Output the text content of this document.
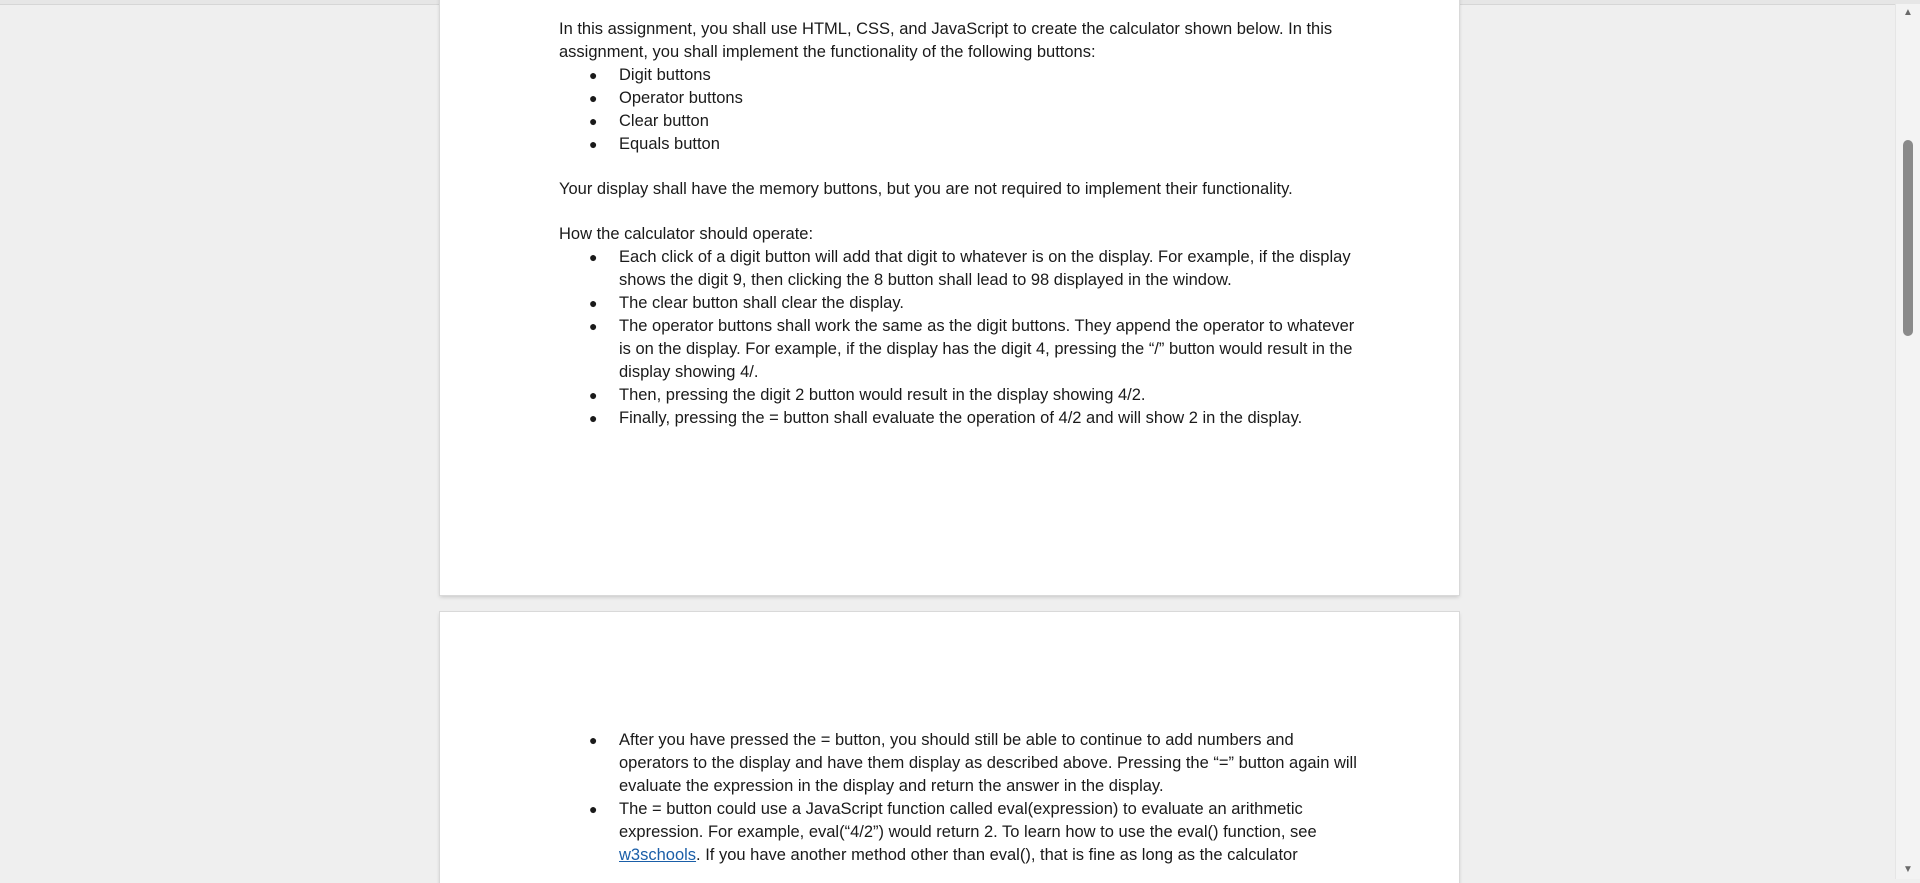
In this assignment, you shall use HTML, CSS, and JavaScript to create the calculator shown below. In this assignment, you shall implement the functionality of the following buttons:

● Digit buttons
● Operator buttons
● Clear button
● Equals button

Your display shall have the memory buttons, but you are not required to implement their functionality.

How the calculator should operate:

● Each click of a digit button will add that digit to whatever is on the display. For example, if the display shows the digit 9, then clicking the 8 button shall lead to 98 displayed in the window.
● The clear button shall clear the display.
● The operator buttons shall work the same as the digit buttons. They append the operator to whatever is on the display. For example, if the display has the digit 4, pressing the “/” button would result in the display showing 4/.
● Then, pressing the digit 2 button would result in the display showing 4/2.
● Finally, pressing the = button shall evaluate the operation of 4/2 and will show 2 in the display.
● After you have pressed the = button, you should still be able to continue to add numbers and operators to the display and have them display as described above. Pressing the “=” button again will evaluate the expression in the display and return the answer in the display.
● The = button could use a JavaScript function called eval(expression) to evaluate an arithmetic expression. For example, eval(“4/2”) would return 2. To learn how to use the eval() function, see w3schools. If you have another method other than eval(), that is fine as long as the calculator
▲
▼
